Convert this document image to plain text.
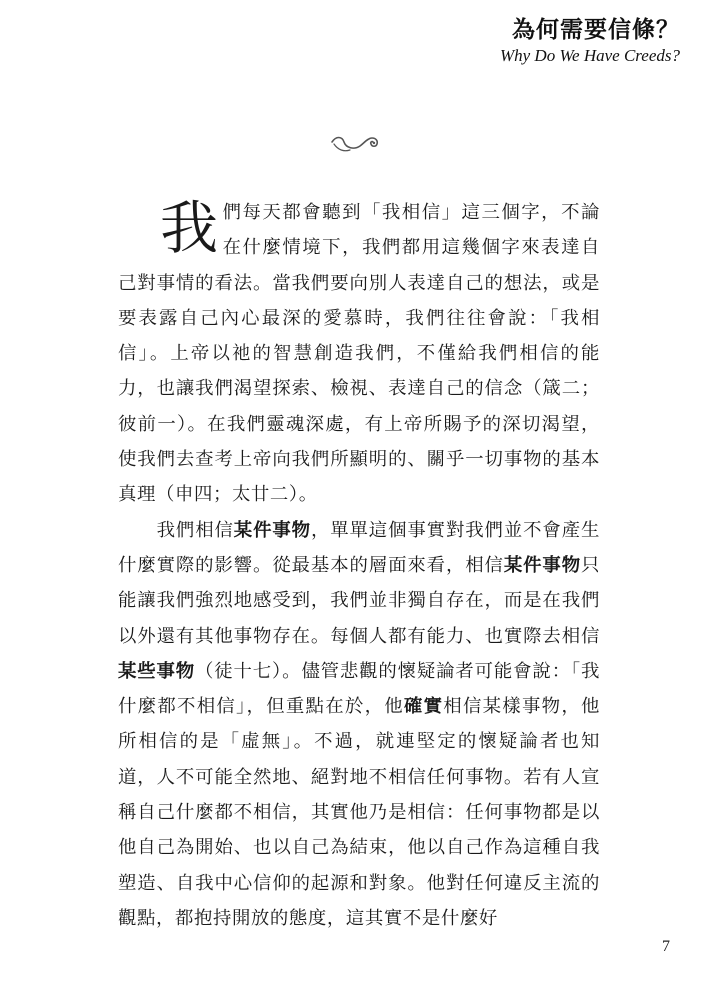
為何需要信條？
Why Do We Have Creeds?

我們每天都會聽到「我相信」這三個字，不論在什麼情境下，我們都用這幾個字來表達自己對事情的看法。當我們要向別人表達自己的想法，或是要表露自己內心最深的愛慕時，我們往往會說：「我相信」。上帝以祂的智慧創造我們，不僅給我們相信的能力，也讓我們渴望探索、檢視、表達自己的信念（箴二；彼前一）。在我們靈魂深處，有上帝所賜予的深切渴望，使我們去查考上帝向我們所顯明的、關乎一切事物的基本真理（申四；太廿二）。

我們相信某件事物，單單這個事實對我們並不會產生什麼實際的影響。從最基本的層面來看，相信某件事物只能讓我們強烈地感受到，我們並非獨自存在，而是在我們以外還有其他事物存在。每個人都有能力、也實際去相信某些事物（徒十七）。儘管悲觀的懷疑論者可能會說：「我什麼都不相信」，但重點在於，他確實相信某樣事物，他所相信的是「虛無」。不過，就連堅定的懷疑論者也知道，人不可能全然地、絕對地不相信任何事物。若有人宣稱自己什麼都不相信，其實他乃是相信：任何事物都是以他自己為開始、也以自己為結束，他以自己作為這種自我塑造、自我中心信仰的起源和對象。他對任何違反主流的觀點，都抱持開放的態度，這其實不是什麼好

7
